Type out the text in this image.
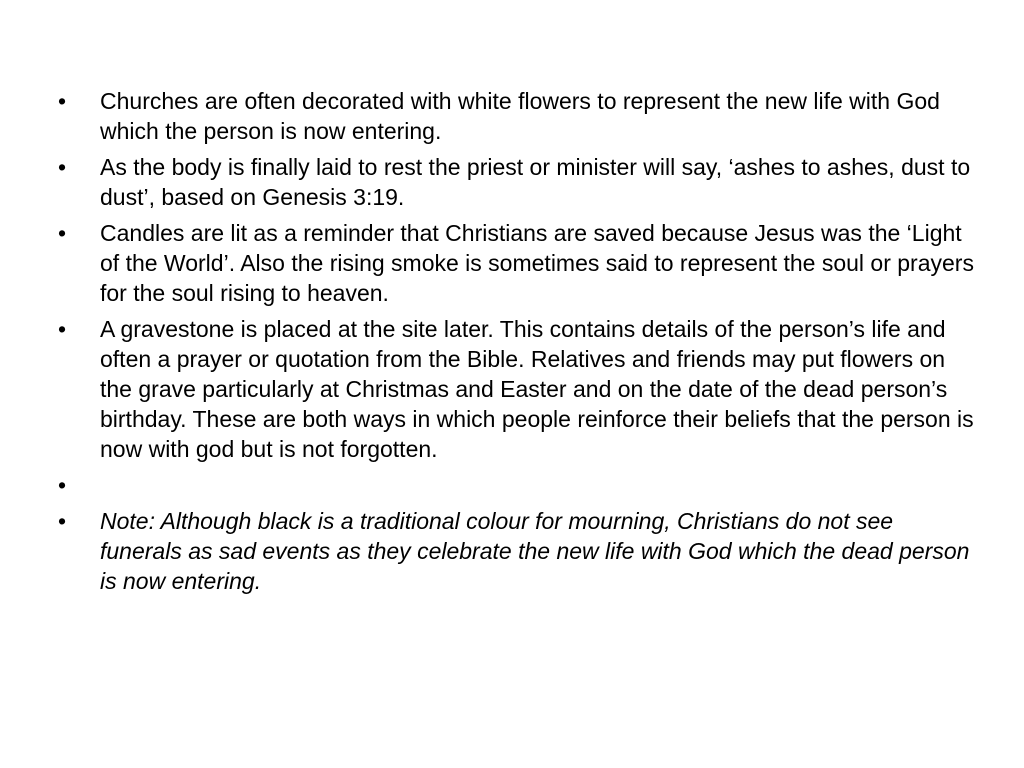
•	Churches are often decorated with white flowers to represent the new life with God which the person is now entering.
•	As the body is finally laid to rest the priest or minister will say, ‘ashes to ashes, dust to dust’, based on Genesis 3:19.
•	Candles are lit as a reminder that Christians are saved because Jesus was the ‘Light of the World’. Also the rising smoke is sometimes said to represent the soul or prayers for the soul rising to heaven.
•	A gravestone is placed at the site later. This contains details of the person’s life and often a prayer or quotation from the Bible. Relatives and friends may put flowers on the grave particularly at Christmas and Easter and on the date of the dead person’s birthday. These are both ways in which people reinforce their beliefs that the person is now with god but is not forgotten.
•
•	Note: Although black is a traditional colour for mourning, Christians do not see funerals as sad events as they celebrate the new life with God which the dead person is now entering.
